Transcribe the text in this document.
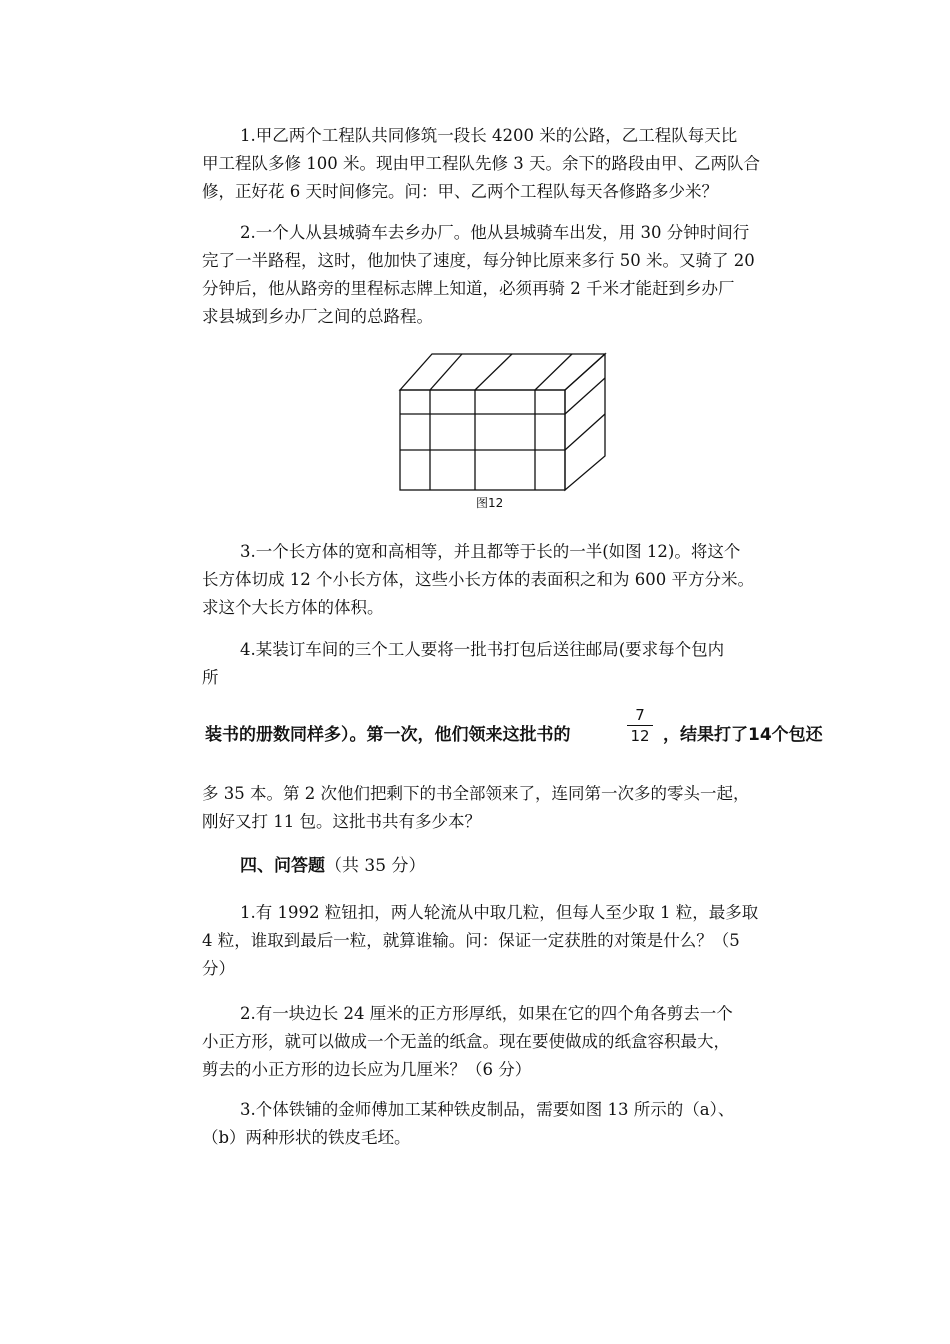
1.甲乙两个工程队共同修筑一段长 4200 米的公路，乙工程队每天比
甲工程队多修 100 米。现由甲工程队先修 3 天。余下的路段由甲、乙两队合
修，正好花 6 天时间修完。问：甲、乙两个工程队每天各修路多少米？
2.一个人从县城骑车去乡办厂。他从县城骑车出发，用 30 分钟时间行
完了一半路程，这时，他加快了速度，每分钟比原来多行 50 米。又骑了 20
分钟后，他从路旁的里程标志牌上知道，必须再骑 2 千米才能赶到乡办厂
求县城到乡办厂之间的总路程。
图12
3.一个长方体的宽和高相等，并且都等于长的一半(如图 12)。将这个
长方体切成 12 个小长方体，这些小长方体的表面积之和为 600 平方分米。
求这个大长方体的体积。
4.某装订车间的三个工人要将一批书打包后送往邮局(要求每个包内
所
装书的册数同样多）。第一次，他们领来这批书的
7
12 ，结果打了14个包还
多 35 本。第 2 次他们把剩下的书全部领来了，连同第一次多的零头一起，
刚好又打 11 包。这批书共有多少本？
四、问答题（共 35 分）
1.有 1992 粒钮扣，两人轮流从中取几粒，但每人至少取 1 粒，最多取
4 粒，谁取到最后一粒，就算谁输。问：保证一定获胜的对策是什么？（5
分）
2.有一块边长 24 厘米的正方形厚纸，如果在它的四个角各剪去一个
小正方形，就可以做成一个无盖的纸盒。现在要使做成的纸盒容积最大，
剪去的小正方形的边长应为几厘米？（6 分）
3.个体铁铺的金师傅加工某种铁皮制品，需要如图 13 所示的（a）、
（b）两种形状的铁皮毛坯。
